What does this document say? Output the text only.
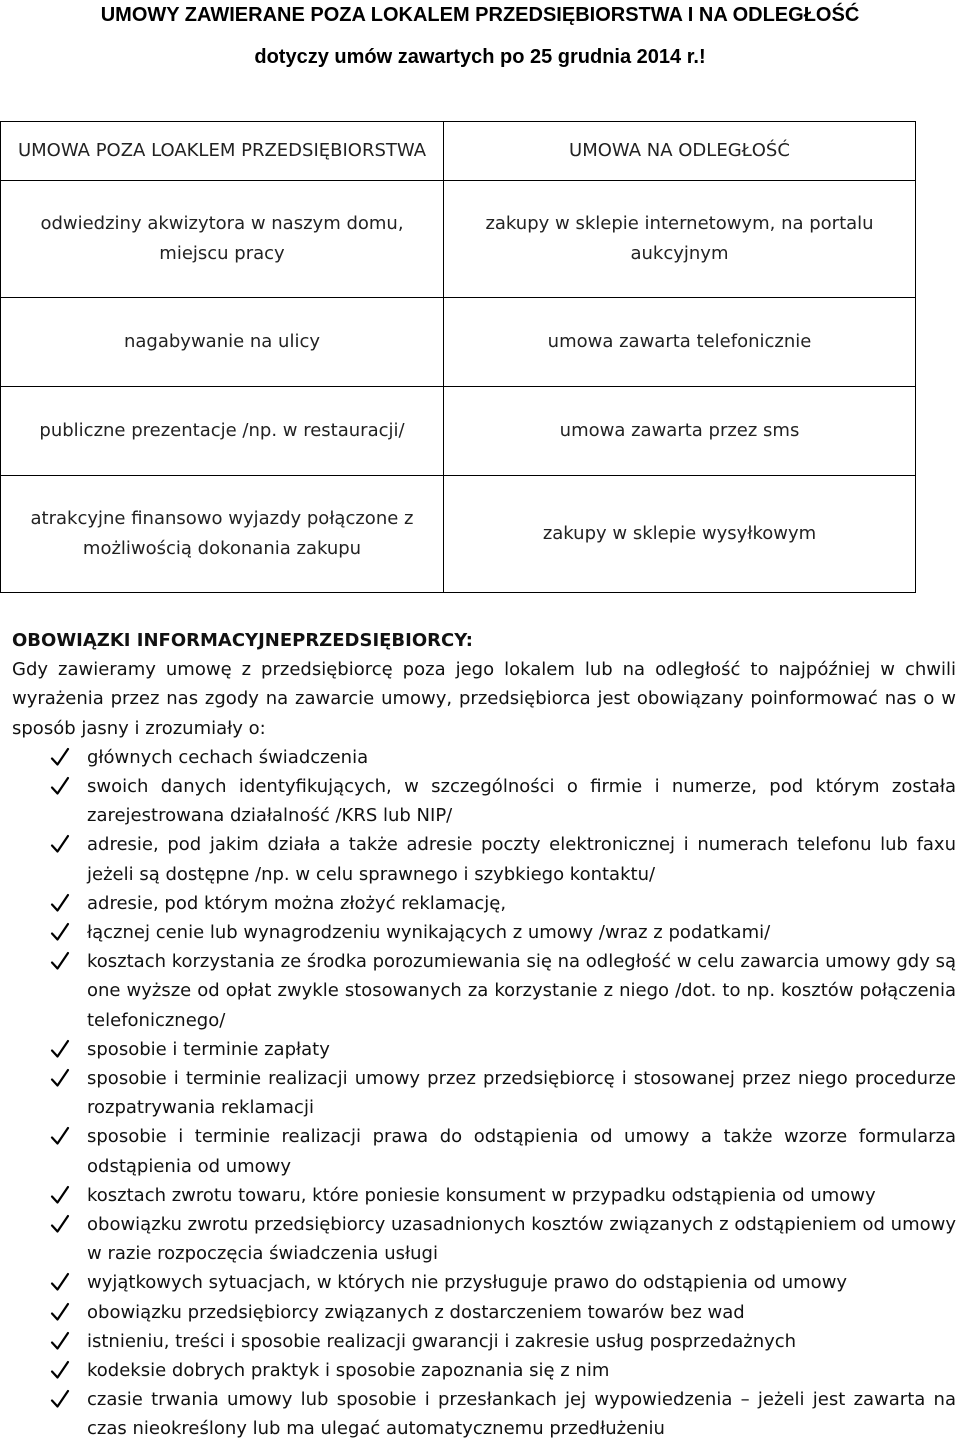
UMOWY ZAWIERANE POZA LOKALEM PRZEDSIĘBIORSTWA I NA ODLEGŁOŚĆ
dotyczy umów zawartych po 25 grudnia 2014 r.!
UMOWA POZA LOAKLEM PRZEDSIĘBIORSTWA	UMOWA NA ODLEGŁOŚĆ
odwiedziny akwizytora w naszym domu, miejscu pracy	zakupy w sklepie internetowym, na portalu aukcyjnym
nagabywanie na ulicy	umowa zawarta telefonicznie
publiczne prezentacje /np. w restauracji/	umowa zawarta przez sms
atrakcyjne finansowo wyjazdy połączone z możliwością dokonania zakupu	zakupy w sklepie wysyłkowym

OBOWIĄZKI INFORMACYJNEPRZEDSIĘBIORCY:

Gdy zawieramy umowę z przedsiębiorcę poza jego lokalem lub na odległość to najpóźniej w chwili wyrażenia przez nas zgody na zawarcie umowy, przedsiębiorca jest obowiązany poinformować nas o w sposób jasny i zrozumiały o:

głównych cechach świadczenia
swoich danych identyfikujących, w szczególności o firmie i numerze, pod którym została zarejestrowana działalność /KRS lub NIP/
adresie, pod jakim działa a także adresie poczty elektronicznej i numerach telefonu lub faxu jeżeli są dostępne /np. w celu sprawnego i szybkiego kontaktu/
adresie, pod którym można złożyć reklamację,
łącznej cenie lub wynagrodzeniu wynikających z umowy /wraz z podatkami/
kosztach korzystania ze środka porozumiewania się na odległość w celu zawarcia umowy gdy są one wyższe od opłat zwykle stosowanych za korzystanie z niego /dot. to np. kosztów połączenia telefonicznego/
sposobie i terminie zapłaty
sposobie i terminie realizacji umowy przez przedsiębiorcę i stosowanej przez niego procedurze rozpatrywania reklamacji
sposobie i terminie realizacji prawa do odstąpienia od umowy a także wzorze formularza odstąpienia od umowy
kosztach zwrotu towaru, które poniesie konsument w przypadku odstąpienia od umowy
obowiązku zwrotu przedsiębiorcy uzasadnionych kosztów związanych z odstąpieniem od umowy w razie rozpoczęcia świadczenia usługi
wyjątkowych sytuacjach, w których nie przysługuje prawo do odstąpienia od umowy
obowiązku przedsiębiorcy związanych z dostarczeniem towarów bez wad
istnieniu, treści i sposobie realizacji gwarancji i zakresie usług posprzedażnych
kodeksie dobrych praktyk i sposobie zapoznania się z nim
czasie trwania umowy lub sposobie i przesłankach jej wypowiedzenia – jeżeli jest zawarta na czas nieokreślony lub ma ulegać automatycznemu przedłużeniu
